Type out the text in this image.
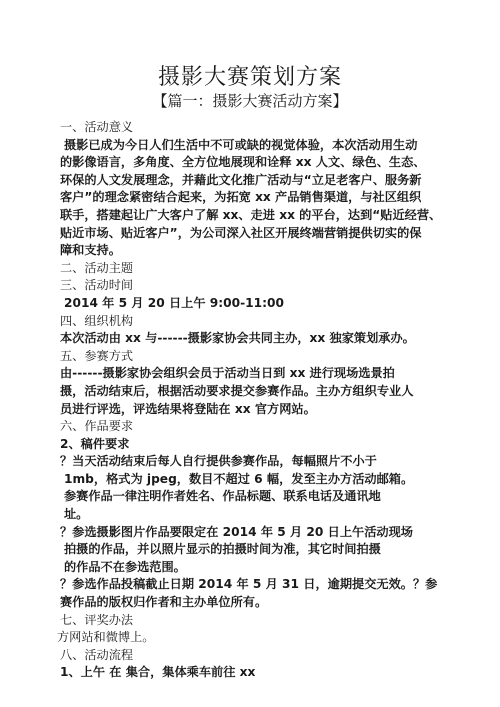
摄影大赛策划方案
【篇一：摄影大赛活动方案】
一、活动意义
摄影已成为今日人们生活中不可或缺的视觉体验，本次活动用生动
的影像语言，多角度、全方位地展现和诠释 xx 人文、绿色、生态、
环保的人文发展理念，并藉此文化推广活动与“立足老客户、服务新
客户”的理念紧密结合起来，为拓宽 xx 产品销售渠道，与社区组织
联手，搭建起让广大客户了解 xx、走进 xx 的平台，达到“贴近经营、
贴近市场、贴近客户”，为公司深入社区开展终端营销提供切实的保
障和支持。
二、活动主题
三、活动时间
2014 年 5 月 20 日上午 9:00-11:00
四、组织机构
本次活动由 xx 与------摄影家协会共同主办，xx 独家策划承办。
五、参赛方式
由------摄影家协会组织会员于活动当日到 xx 进行现场选景拍
摄，活动结束后，根据活动要求提交参赛作品。主办方组织专业人
员进行评选，评选结果将登陆在 xx 官方网站。
六、作品要求
2、稿件要求
？当天活动结束后每人自行提供参赛作品，每幅照片不小于
1mb，格式为 jpeg，数目不超过 6 幅，发至主办方活动邮箱。
参赛作品一律注明作者姓名、作品标题、联系电话及通讯地
址。
？参选摄影图片作品要限定在 2014 年 5 月 20 日上午活动现场
拍摄的作品，并以照片显示的拍摄时间为准，其它时间拍摄
的作品不在参选范围。
？参选作品投稿截止日期 2014 年 5 月 31 日，逾期提交无效。？参
赛作品的版权归作者和主办单位所有。
七、评奖办法
方网站和微博上。
八、活动流程
1、上午 在 集合，集体乘车前往 xx
